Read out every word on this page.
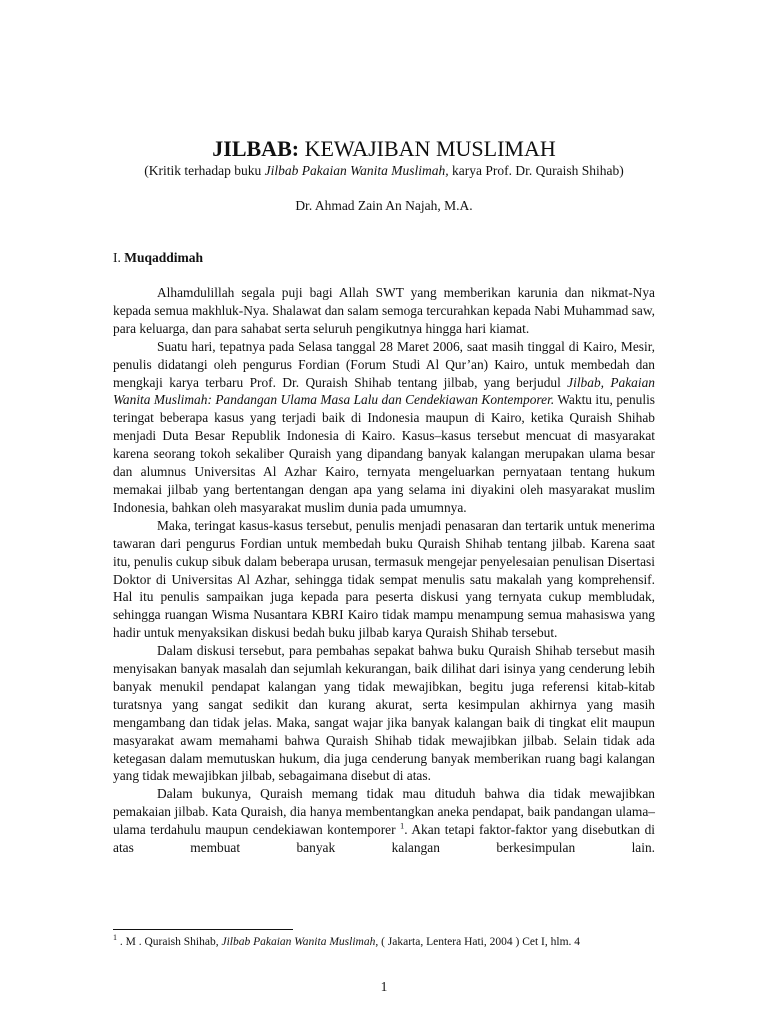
JILBAB: KEWAJIBAN MUSLIMAH
(Kritik terhadap buku Jilbab Pakaian Wanita Muslimah, karya Prof. Dr. Quraish Shihab)
Dr. Ahmad Zain An Najah, M.A.
I. Muqaddimah

Alhamdulillah segala puji bagi Allah SWT yang memberikan karunia dan nikmat-Nya kepada semua makhluk-Nya. Shalawat dan salam semoga tercurahkan kepada Nabi Muhammad saw, para keluarga, dan para sahabat serta seluruh pengikutnya hingga hari kiamat.

Suatu hari, tepatnya pada Selasa tanggal 28 Maret 2006, saat masih tinggal di Kairo, Mesir, penulis didatangi oleh pengurus Fordian (Forum Studi Al Qur’an) Kairo, untuk membedah dan mengkaji karya terbaru Prof. Dr. Quraish Shihab tentang jilbab, yang berjudul Jilbab, Pakaian Wanita Muslimah: Pandangan Ulama Masa Lalu dan Cendekiawan Kontemporer. Waktu itu, penulis teringat beberapa kasus yang terjadi baik di Indonesia maupun di Kairo, ketika Quraish Shihab menjadi Duta Besar Republik Indonesia di Kairo. Kasus–kasus tersebut mencuat di masyarakat karena seorang tokoh sekaliber Quraish yang dipandang banyak kalangan merupakan ulama besar dan alumnus Universitas Al Azhar Kairo, ternyata mengeluarkan pernyataan tentang hukum memakai jilbab yang bertentangan dengan apa yang selama ini diyakini oleh masyarakat muslim Indonesia, bahkan oleh masyarakat muslim dunia pada umumnya.

Maka, teringat kasus-kasus tersebut, penulis menjadi penasaran dan tertarik untuk menerima tawaran dari pengurus Fordian untuk membedah buku Quraish Shihab tentang jilbab. Karena saat itu, penulis cukup sibuk dalam beberapa urusan, termasuk mengejar penyelesaian penulisan Disertasi Doktor di Universitas Al Azhar, sehingga tidak sempat menulis satu makalah yang komprehensif. Hal itu penulis sampaikan juga kepada para peserta diskusi yang ternyata cukup membludak, sehingga ruangan Wisma Nusantara KBRI Kairo tidak mampu menampung semua mahasiswa yang hadir untuk menyaksikan diskusi bedah buku jilbab karya Quraish Shihab tersebut.

Dalam diskusi tersebut, para pembahas sepakat bahwa buku Quraish Shihab tersebut masih menyisakan banyak masalah dan sejumlah kekurangan, baik dilihat dari isinya yang cenderung lebih banyak menukil pendapat kalangan yang tidak mewajibkan, begitu juga referensi kitab-kitab turatsnya yang sangat sedikit dan kurang akurat, serta kesimpulan akhirnya yang masih mengambang dan tidak jelas. Maka, sangat wajar jika banyak kalangan baik di tingkat elit maupun masyarakat awam memahami bahwa Quraish Shihab tidak mewajibkan jilbab. Selain tidak ada ketegasan dalam memutuskan hukum, dia juga cenderung banyak memberikan ruang bagi kalangan yang tidak mewajibkan jilbab, sebagaimana disebut di atas.

Dalam bukunya, Quraish memang tidak mau dituduh bahwa dia tidak mewajibkan pemakaian jilbab. Kata Quraish, dia hanya membentangkan aneka pendapat, baik pandangan ulama–ulama terdahulu maupun cendekiawan kontemporer $^1$. Akan tetapi faktor-faktor yang disebutkan di atas membuat banyak kalangan berkesimpulan lain.

$^1$ . M . Quraish Shihab, Jilbab Pakaian Wanita Muslimah, ( Jakarta, Lentera Hati, 2004 ) Cet I, hlm. 4
1
